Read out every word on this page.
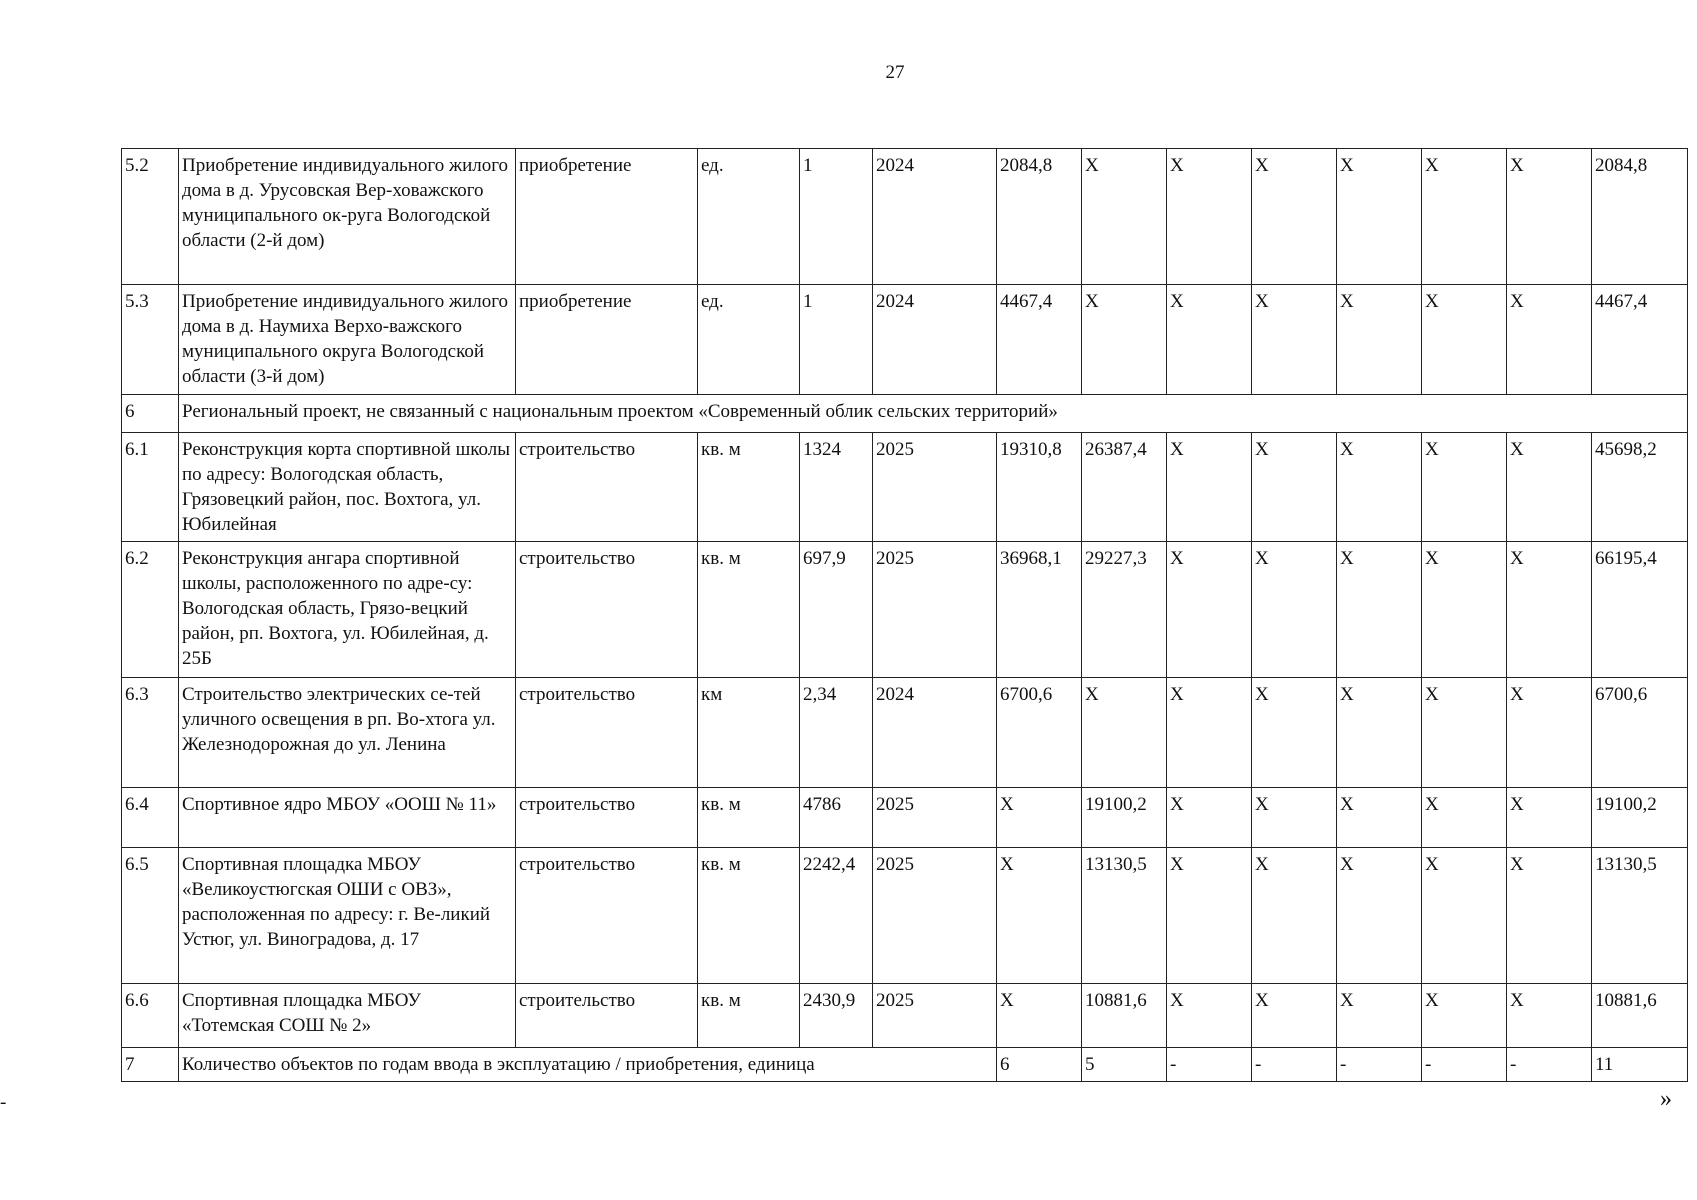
27
5.2	Приобретение индивидуального жилого дома в д. Урусовская Вер-ховажского муниципального ок-руга Вологодской области (2-й дом)	приобретение	ед.	1	2024	2084,8	X	X	X	X	X	X	2084,8
5.3	Приобретение индивидуального жилого дома в д. Наумиха Верхо-важского муниципального округа Вологодской области (3-й дом)	приобретение	ед.	1	2024	4467,4	X	X	X	X	X	X	4467,4
6	Региональный проект, не связанный с национальным проектом «Современный облик сельских территорий»												
6.1	Реконструкция корта спортивной школы по адресу: Вологодская область, Грязовецкий район, пос. Вохтога, ул. Юбилейная	строительство	кв. м	1324	2025	19310,8	26387,4	X	X	X	X	X	45698,2
6.2	Реконструкция ангара спортивной школы, расположенного по адре-су: Вологодская область, Грязо-вецкий район, рп. Вохтога, ул. Юбилейная, д. 25Б	строительство	кв. м	697,9	2025	36968,1	29227,3	X	X	X	X	X	66195,4
6.3	Строительство электрических се-тей уличного освещения в рп. Во-хтога ул. Железнодорожная до ул. Ленина	строительство	км	2,34	2024	6700,6	X	X	X	X	X	X	6700,6
6.4	Спортивное ядро МБОУ «ООШ № 11»	строительство	кв. м	4786	2025	X	19100,2	X	X	X	X	X	19100,2
6.5	Спортивная площадка МБОУ «Великоустюгская ОШИ с ОВЗ», расположенная по адресу: г. Ве-ликий Устюг, ул. Виноградова, д. 17	строительство	кв. м	2242,4	2025	X	13130,5	X	X	X	X	X	13130,5
6.6	Спортивная площадка МБОУ «Тотемская СОШ № 2»	строительство	кв. м	2430,9	2025	X	10881,6	X	X	X	X	X	10881,6
7	Количество объектов по годам ввода в эксплуатацию / приобретения, единица					6	5	-	-	-	-	-	11
-	»
